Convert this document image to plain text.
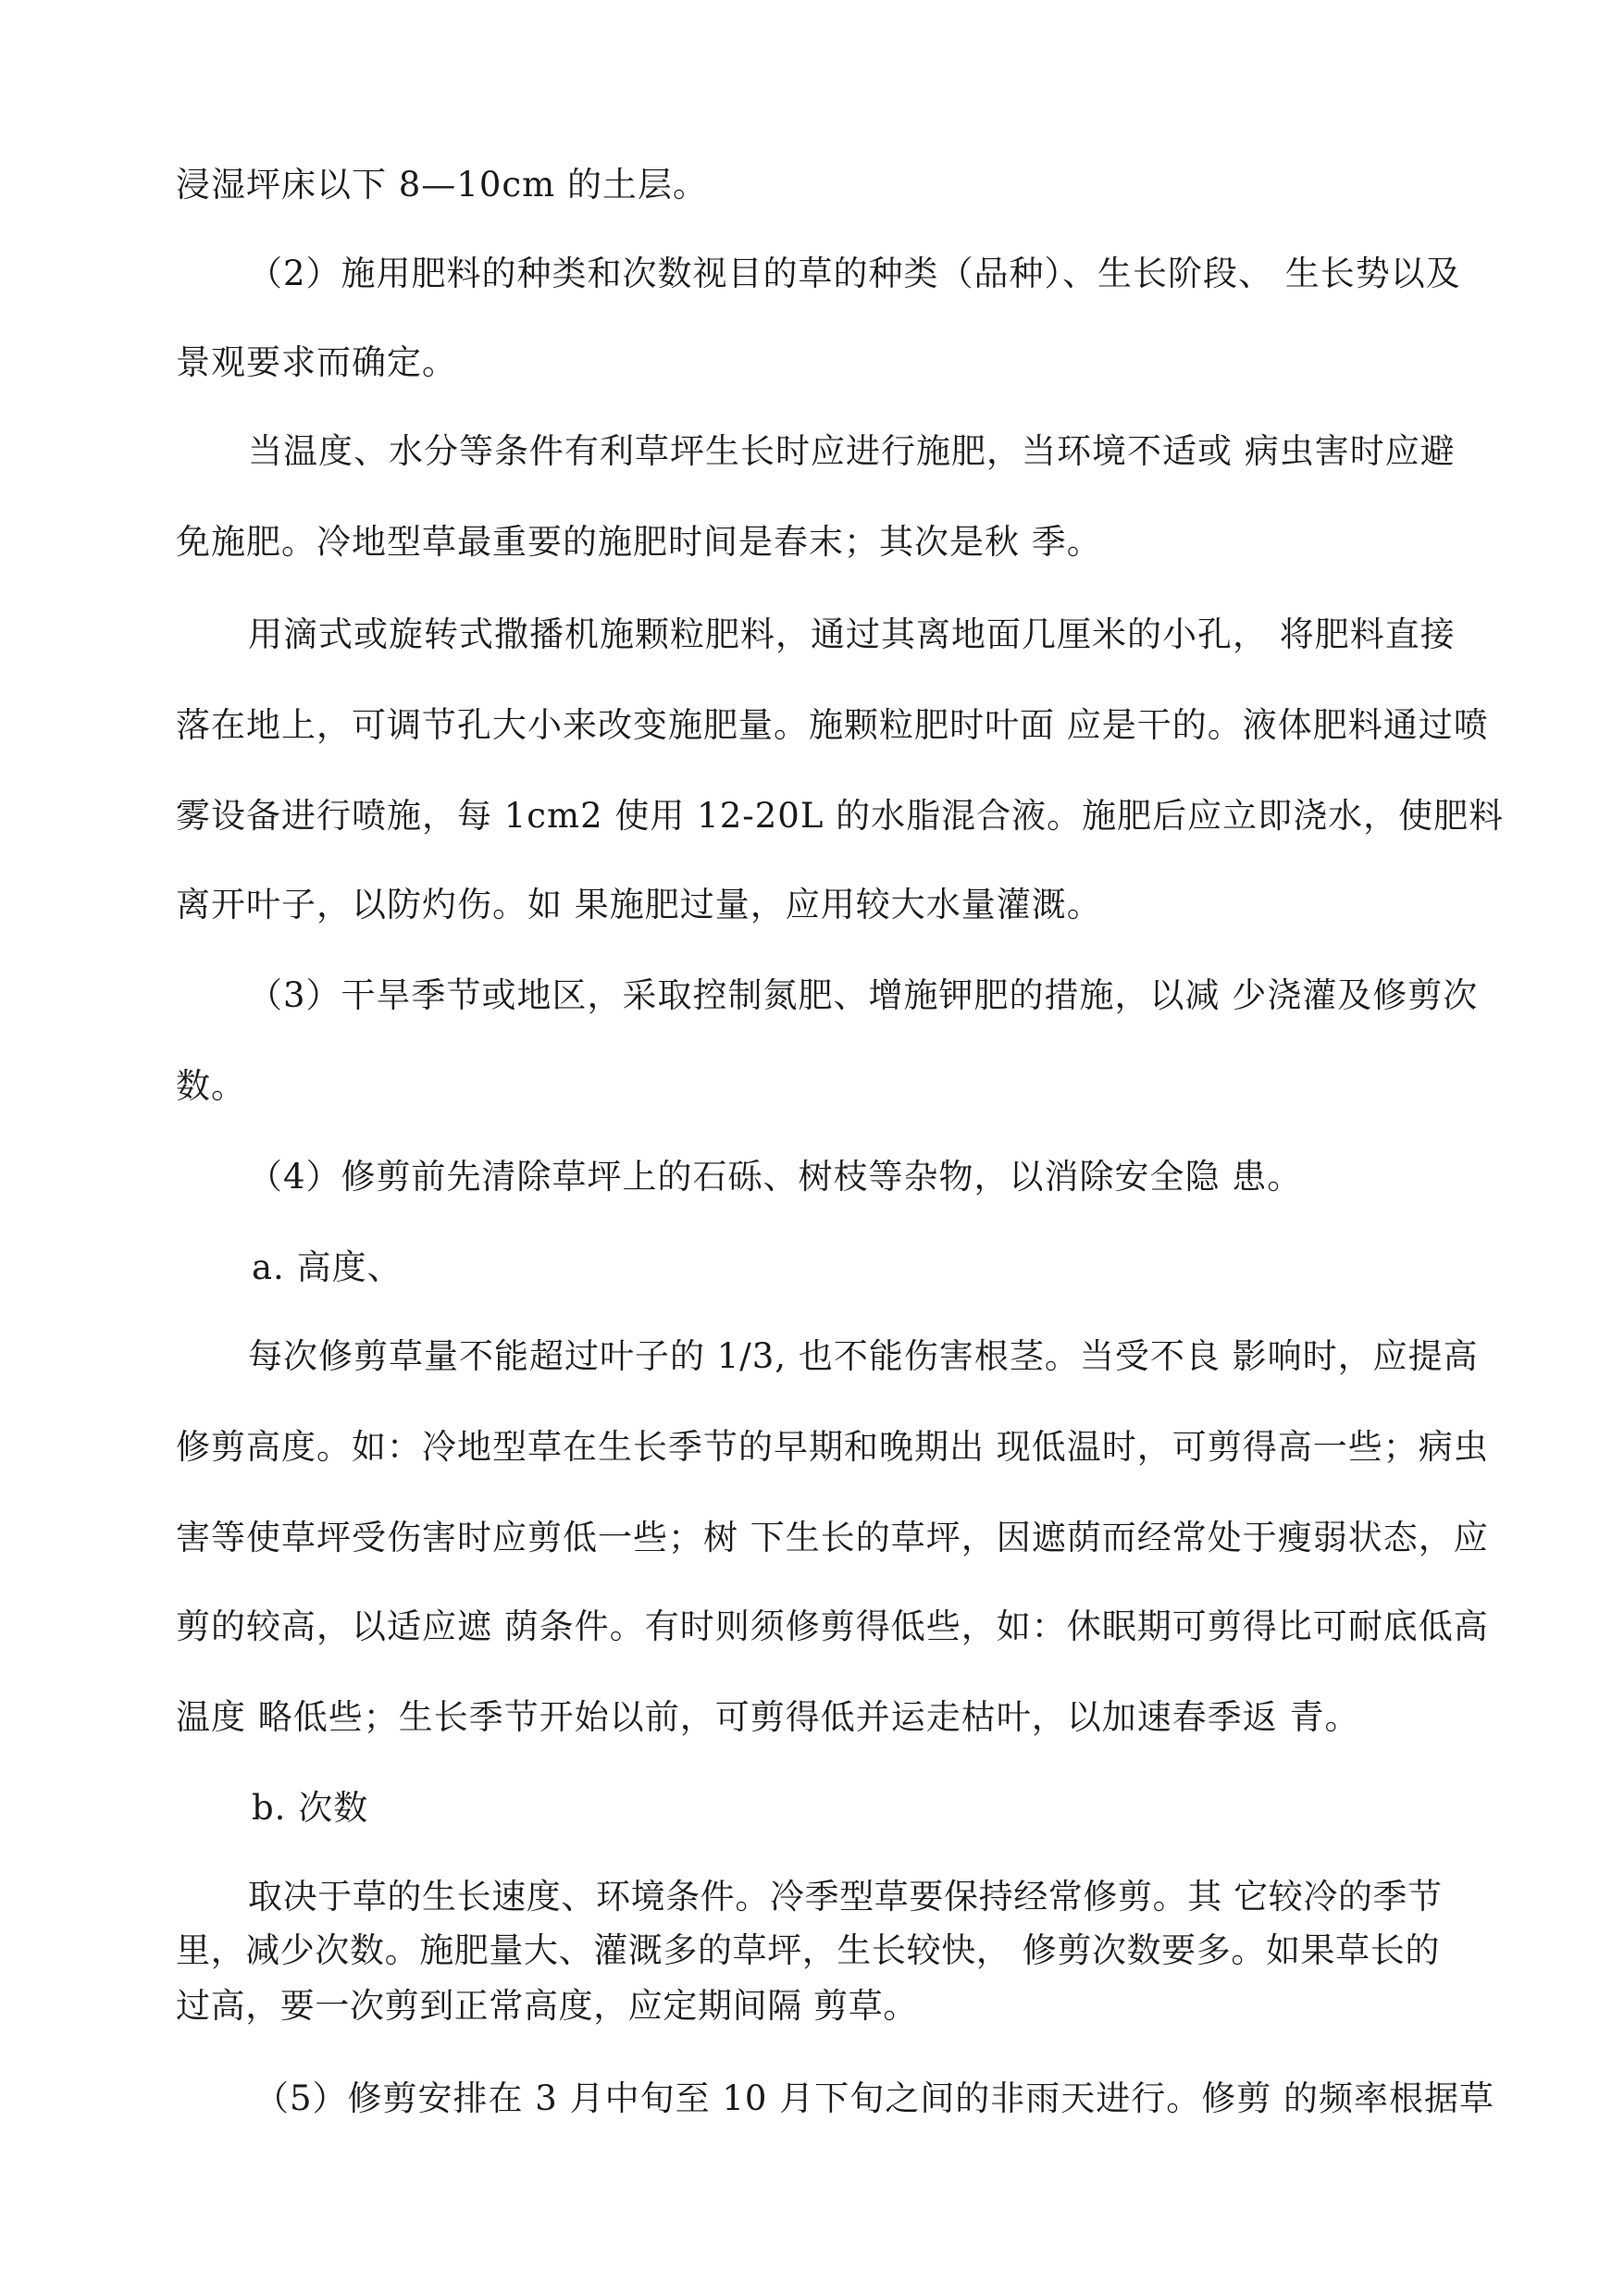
浸湿坪床以下 8—10cm 的土层。
（2）施用肥料的种类和次数视目的草的种类（品种）、生长阶段、 生长势以及
景观要求而确定。
当温度、水分等条件有利草坪生长时应进行施肥，当环境不适或 病虫害时应避
免施肥。冷地型草最重要的施肥时间是春末；其次是秋 季。
用滴式或旋转式撒播机施颗粒肥料，通过其离地面几厘米的小孔， 将肥料直接
落在地上，可调节孔大小来改变施肥量。施颗粒肥时叶面 应是干的。液体肥料通过喷
雾设备进行喷施，每 1cm2 使用 12-20L 的水脂混合液。施肥后应立即浇水，使肥料
离开叶子，以防灼伤。如 果施肥过量，应用较大水量灌溉。
（3）干旱季节或地区，采取控制氮肥、增施钾肥的措施，以减 少浇灌及修剪次
数。
（4）修剪前先清除草坪上的石砾、树枝等杂物，以消除安全隐 患。
a. 高度、
每次修剪草量不能超过叶子的 1/3, 也不能伤害根茎。当受不良 影响时，应提高
修剪高度。如：冷地型草在生长季节的早期和晚期出 现低温时，可剪得高一些；病虫
害等使草坪受伤害时应剪低一些；树 下生长的草坪，因遮荫而经常处于瘦弱状态，应
剪的较高，以适应遮 荫条件。有时则须修剪得低些，如：休眠期可剪得比可耐底低高
温度 略低些；生长季节开始以前，可剪得低并运走枯叶，以加速春季返 青。
b. 次数
取决于草的生长速度、环境条件。冷季型草要保持经常修剪。其 它较冷的季节
里，减少次数。施肥量大、灌溉多的草坪，生长较快， 修剪次数要多。如果草长的
过高，要一次剪到正常高度，应定期间隔 剪草。
（5）修剪安排在 3 月中旬至 10 月下旬之间的非雨天进行。修剪 的频率根据草
